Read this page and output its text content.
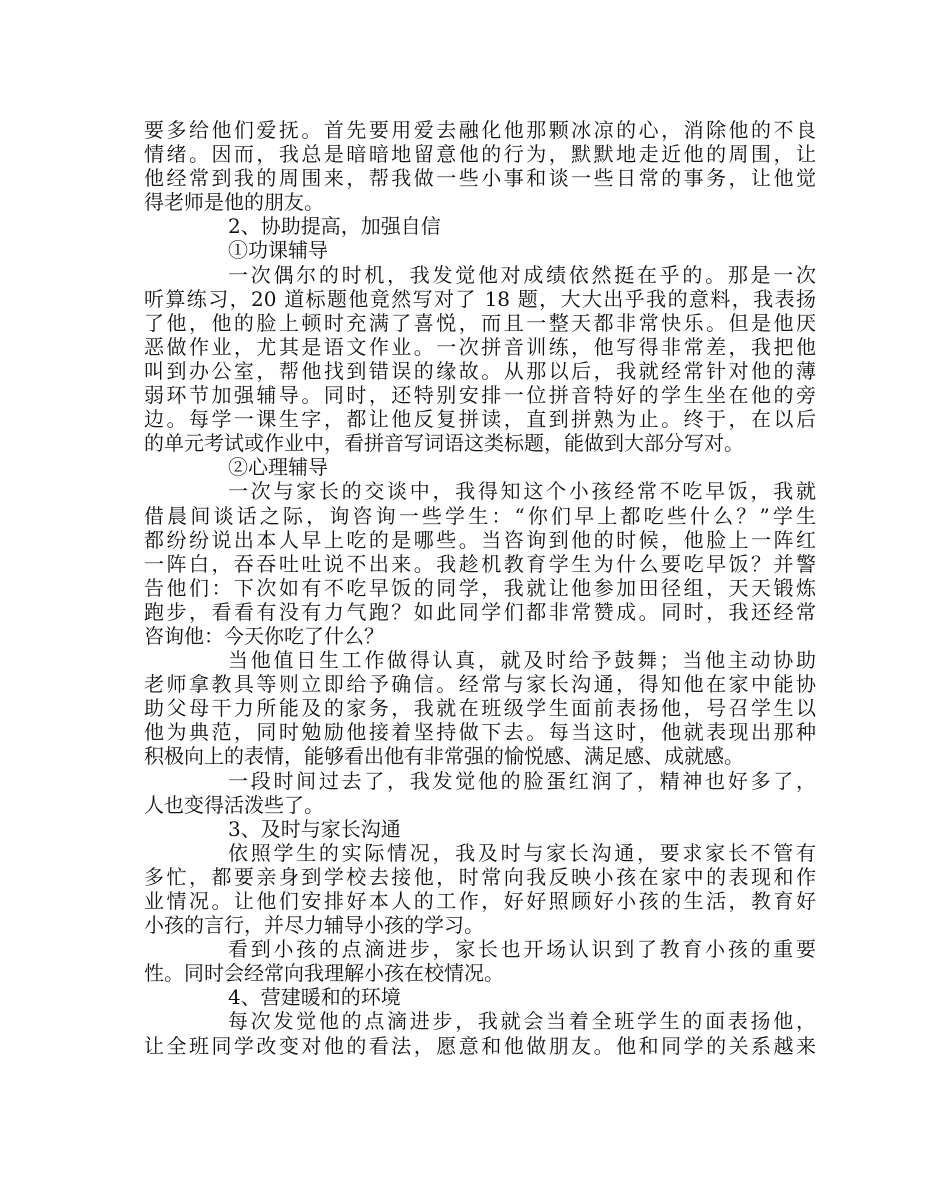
要多给他们爱抚。首先要用爱去融化他那颗冰凉的心，消除他的不良
情绪。因而，我总是暗暗地留意他的行为，默默地走近他的周围，让
他经常到我的周围来，帮我做一些小事和谈一些日常的事务，让他觉
得老师是他的朋友。
2、协助提高，加强自信
①功课辅导
一次偶尔的时机，我发觉他对成绩依然挺在乎的。那是一次
听算练习，20 道标题他竟然写对了 18 题，大大出乎我的意料，我表扬
了他，他的脸上顿时充满了喜悦，而且一整天都非常快乐。但是他厌
恶做作业，尤其是语文作业。一次拼音训练，他写得非常差，我把他
叫到办公室，帮他找到错误的缘故。从那以后，我就经常针对他的薄
弱环节加强辅导。同时，还特别安排一位拼音特好的学生坐在他的旁
边。每学一课生字，都让他反复拼读，直到拼熟为止。终于，在以后
的单元考试或作业中，看拼音写词语这类标题，能做到大部分写对。
②心理辅导
一次与家长的交谈中，我得知这个小孩经常不吃早饭，我就
借晨间谈话之际，询咨询一些学生：“你们早上都吃些什么？”学生
都纷纷说出本人早上吃的是哪些。当咨询到他的时候，他脸上一阵红
一阵白，吞吞吐吐说不出来。我趁机教育学生为什么要吃早饭？并警
告他们：下次如有不吃早饭的同学，我就让他参加田径组，天天锻炼
跑步，看看有没有力气跑？如此同学们都非常赞成。同时，我还经常
咨询他：今天你吃了什么？
当他值日生工作做得认真，就及时给予鼓舞；当他主动协助
老师拿教具等则立即给予确信。经常与家长沟通，得知他在家中能协
助父母干力所能及的家务，我就在班级学生面前表扬他，号召学生以
他为典范，同时勉励他接着坚持做下去。每当这时，他就表现出那种
积极向上的表情，能够看出他有非常强的愉悦感、满足感、成就感。
一段时间过去了，我发觉他的脸蛋红润了，精神也好多了，
人也变得活泼些了。
3、及时与家长沟通
依照学生的实际情况，我及时与家长沟通，要求家长不管有
多忙，都要亲身到学校去接他，时常向我反映小孩在家中的表现和作
业情况。让他们安排好本人的工作，好好照顾好小孩的生活，教育好
小孩的言行，并尽力辅导小孩的学习。
看到小孩的点滴进步，家长也开场认识到了教育小孩的重要
性。同时会经常向我理解小孩在校情况。
4、营建暖和的环境
每次发觉他的点滴进步，我就会当着全班学生的面表扬他，
让全班同学改变对他的看法，愿意和他做朋友。他和同学的关系越来
